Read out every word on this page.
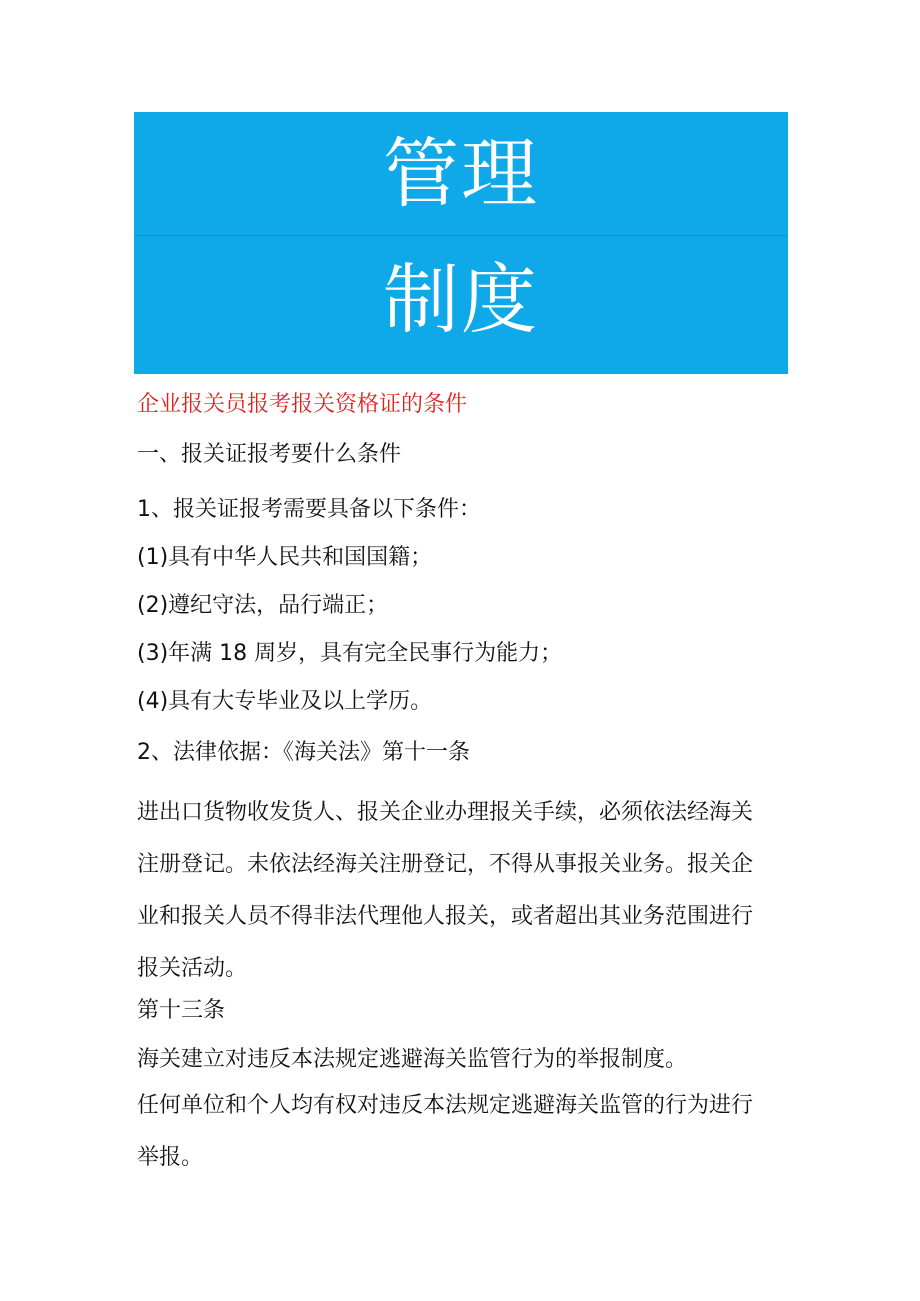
管理
制度
企业报关员报考报关资格证的条件
一、报关证报考要什么条件
1、报关证报考需要具备以下条件：
(1)具有中华人民共和国国籍；
(2)遵纪守法，品行端正；
(3)年满 18 周岁，具有完全民事行为能力；
(4)具有大专毕业及以上学历。
2、法律依据：《海关法》第十一条
进出口货物收发货人、报关企业办理报关手续，必须依法经海关
注册登记。未依法经海关注册登记，不得从事报关业务。报关企
业和报关人员不得非法代理他人报关，或者超出其业务范围进行
报关活动。
第十三条
海关建立对违反本法规定逃避海关监管行为的举报制度。
任何单位和个人均有权对违反本法规定逃避海关监管的行为进行
举报。
